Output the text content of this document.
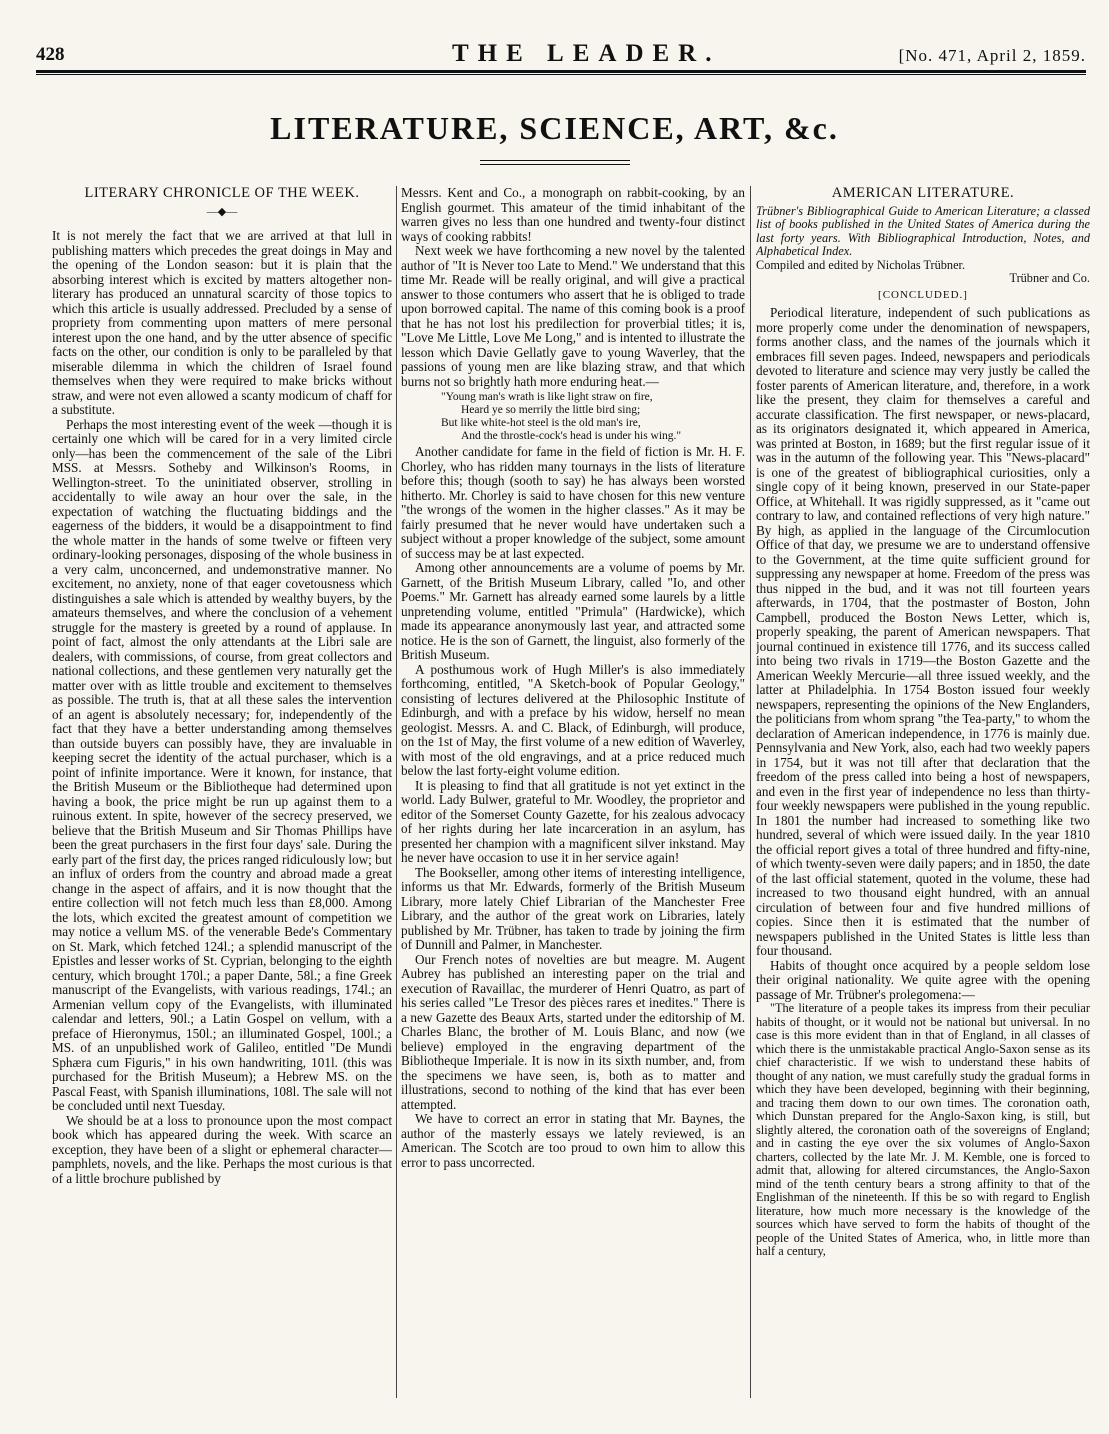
428	THE LEADER.	[No. 471, April 2, 1859.
LITERATURE, SCIENCE, ART, &c.
LITERARY CHRONICLE OF THE WEEK.
—◆—

It is not merely the fact that we are arrived at that lull in publishing matters which precedes the great doings in May and the opening of the London season: but it is plain that the absorbing interest which is excited by matters altogether non-literary has produced an unnatural scarcity of those topics to which this article is usually addressed. Precluded by a sense of propriety from commenting upon matters of mere personal interest upon the one hand, and by the utter absence of specific facts on the other, our condition is only to be paralleled by that miserable dilemma in which the children of Israel found themselves when they were required to make bricks without straw, and were not even allowed a scanty modicum of chaff for a substitute.

Perhaps the most interesting event of the week —though it is certainly one which will be cared for in a very limited circle only—has been the commencement of the sale of the Libri MSS. at Messrs. Sotheby and Wilkinson's Rooms, in Wellington-street. To the uninitiated observer, strolling in accidentally to wile away an hour over the sale, in the expectation of watching the fluctuating biddings and the eagerness of the bidders, it would be a disappointment to find the whole matter in the hands of some twelve or fifteen very ordinary-looking personages, disposing of the whole business in a very calm, unconcerned, and undemonstrative manner. No excitement, no anxiety, none of that eager covetousness which distinguishes a sale which is attended by wealthy buyers, by the amateurs themselves, and where the conclusion of a vehement struggle for the mastery is greeted by a round of applause. In point of fact, almost the only attendants at the Libri sale are dealers, with commissions, of course, from great collectors and national collections, and these gentlemen very naturally get the matter over with as little trouble and excitement to themselves as possible. The truth is, that at all these sales the intervention of an agent is absolutely necessary; for, independently of the fact that they have a better understanding among themselves than outside buyers can possibly have, they are invaluable in keeping secret the identity of the actual purchaser, which is a point of infinite importance. Were it known, for instance, that the British Museum or the Bibliotheque had determined upon having a book, the price might be run up against them to a ruinous extent. In spite, however of the secrecy preserved, we believe that the British Museum and Sir Thomas Phillips have been the great purchasers in the first four days' sale. During the early part of the first day, the prices ranged ridiculously low; but an influx of orders from the country and abroad made a great change in the aspect of affairs, and it is now thought that the entire collection will not fetch much less than £8,000. Among the lots, which excited the greatest amount of competition we may notice a vellum MS. of the venerable Bede's Commentary on St. Mark, which fetched 124l.; a splendid manuscript of the Epistles and lesser works of St. Cyprian, belonging to the eighth century, which brought 170l.; a paper Dante, 58l.; a fine Greek manuscript of the Evangelists, with various readings, 174l.; an Armenian vellum copy of the Evangelists, with illuminated calendar and letters, 90l.; a Latin Gospel on vellum, with a preface of Hieronymus, 150l.; an illuminated Gospel, 100l.; a MS. of an unpublished work of Galileo, entitled "De Mundi Sphæra cum Figuris," in his own handwriting, 101l. (this was purchased for the British Museum); a Hebrew MS. on the Pascal Feast, with Spanish illuminations, 108l. The sale will not be concluded until next Tuesday.

We should be at a loss to pronounce upon the most compact book which has appeared during the week. With scarce an exception, they have been of a slight or ephemeral character—pamphlets, novels, and the like. Perhaps the most curious is that of a little brochure published by

Messrs. Kent and Co., a monograph on rabbit-cooking, by an English gourmet. This amateur of the timid inhabitant of the warren gives no less than one hundred and twenty-four distinct ways of cooking rabbits!

Next week we have forthcoming a new novel by the talented author of "It is Never too Late to Mend." We understand that this time Mr. Reade will be really original, and will give a practical answer to those contumers who assert that he is obliged to trade upon borrowed capital. The name of this coming book is a proof that he has not lost his predilection for proverbial titles; it is, "Love Me Little, Love Me Long," and is intented to illustrate the lesson which Davie Gellatly gave to young Waverley, that the passions of young men are like blazing straw, and that which burns not so brightly hath more enduring heat.—

"Young man's wrath is like light straw on fire,
Heard ye so merrily the little bird sing;
But like white-hot steel is the old man's ire,
And the throstle-cock's head is under his wing."

Another candidate for fame in the field of fiction is Mr. H. F. Chorley, who has ridden many tournays in the lists of literature before this; though (sooth to say) he has always been worsted hitherto. Mr. Chorley is said to have chosen for this new venture "the wrongs of the women in the higher classes." As it may be fairly presumed that he never would have undertaken such a subject without a proper knowledge of the subject, some amount of success may be at last expected.

Among other announcements are a volume of poems by Mr. Garnett, of the British Museum Library, called "Io, and other Poems." Mr. Garnett has already earned some laurels by a little unpretending volume, entitled "Primula" (Hardwicke), which made its appearance anonymously last year, and attracted some notice. He is the son of Garnett, the linguist, also formerly of the British Museum.

A posthumous work of Hugh Miller's is also immediately forthcoming, entitled, "A Sketch-book of Popular Geology," consisting of lectures delivered at the Philosophic Institute of Edinburgh, and with a preface by his widow, herself no mean geologist. Messrs. A. and C. Black, of Edinburgh, will produce, on the 1st of May, the first volume of a new edition of Waverley, with most of the old engravings, and at a price reduced much below the last forty-eight volume edition.

It is pleasing to find that all gratitude is not yet extinct in the world. Lady Bulwer, grateful to Mr. Woodley, the proprietor and editor of the Somerset County Gazette, for his zealous advocacy of her rights during her late incarceration in an asylum, has presented her champion with a magnificent silver inkstand. May he never have occasion to use it in her service again!

The Bookseller, among other items of interesting intelligence, informs us that Mr. Edwards, formerly of the British Museum Library, more lately Chief Librarian of the Manchester Free Library, and the author of the great work on Libraries, lately published by Mr. Trübner, has taken to trade by joining the firm of Dunnill and Palmer, in Manchester.

Our French notes of novelties are but meagre. M. Augent Aubrey has published an interesting paper on the trial and execution of Ravaillac, the murderer of Henri Quatro, as part of his series called "Le Tresor des pièces rares et inedites." There is a new Gazette des Beaux Arts, started under the editorship of M. Charles Blanc, the brother of M. Louis Blanc, and now (we believe) employed in the engraving department of the Bibliotheque Imperiale. It is now in its sixth number, and, from the specimens we have seen, is, both as to matter and illustrations, second to nothing of the kind that has ever been attempted.

We have to correct an error in stating that Mr. Baynes, the author of the masterly essays we lately reviewed, is an American. The Scotch are too proud to own him to allow this error to pass uncorrected.

AMERICAN LITERATURE.

Trübner's Bibliographical Guide to American Literature; a classed list of books published in the United States of America during the last forty years. With Bibliographical Introduction, Notes, and Alphabetical Index.

Compiled and edited by Nicholas Trübner.

Trübner and Co.
[CONCLUDED.]

Periodical literature, independent of such publications as more properly come under the denomination of newspapers, forms another class, and the names of the journals which it embraces fill seven pages. Indeed, newspapers and periodicals devoted to literature and science may very justly be called the foster parents of American literature, and, therefore, in a work like the present, they claim for themselves a careful and accurate classification. The first newspaper, or news-placard, as its originators designated it, which appeared in America, was printed at Boston, in 1689; but the first regular issue of it was in the autumn of the following year. This "News-placard" is one of the greatest of bibliographical curiosities, only a single copy of it being known, preserved in our State-paper Office, at Whitehall. It was rigidly suppressed, as it "came out contrary to law, and contained reflections of very high nature." By high, as applied in the language of the Circumlocution Office of that day, we presume we are to understand offensive to the Government, at the time quite sufficient ground for suppressing any newspaper at home. Freedom of the press was thus nipped in the bud, and it was not till fourteen years afterwards, in 1704, that the postmaster of Boston, John Campbell, produced the Boston News Letter, which is, properly speaking, the parent of American newspapers. That journal continued in existence till 1776, and its success called into being two rivals in 1719—the Boston Gazette and the American Weekly Mercurie—all three issued weekly, and the latter at Philadelphia. In 1754 Boston issued four weekly newspapers, representing the opinions of the New Englanders, the politicians from whom sprang "the Tea-party," to whom the declaration of American independence, in 1776 is mainly due. Pennsylvania and New York, also, each had two weekly papers in 1754, but it was not till after that declaration that the freedom of the press called into being a host of newspapers, and even in the first year of independence no less than thirty-four weekly newspapers were published in the young republic. In 1801 the number had increased to something like two hundred, several of which were issued daily. In the year 1810 the official report gives a total of three hundred and fifty-nine, of which twenty-seven were daily papers; and in 1850, the date of the last official statement, quoted in the volume, these had increased to two thousand eight hundred, with an annual circulation of between four and five hundred millions of copies. Since then it is estimated that the number of newspapers published in the United States is little less than four thousand.

Habits of thought once acquired by a people seldom lose their original nationality. We quite agree with the opening passage of Mr. Trübner's prolegomena:—

"The literature of a people takes its impress from their peculiar habits of thought, or it would not be national but universal. In no case is this more evident than in that of England, in all classes of which there is the unmistakable practical Anglo-Saxon sense as its chief characteristic. If we wish to understand these habits of thought of any nation, we must carefully study the gradual forms in which they have been developed, beginning with their beginning, and tracing them down to our own times. The coronation oath, which Dunstan prepared for the Anglo-Saxon king, is still, but slightly altered, the coronation oath of the sovereigns of England; and in casting the eye over the six volumes of Anglo-Saxon charters, collected by the late Mr. J. M. Kemble, one is forced to admit that, allowing for altered circumstances, the Anglo-Saxon mind of the tenth century bears a strong affinity to that of the Englishman of the nineteenth. If this be so with regard to English literature, how much more necessary is the knowledge of the sources which have served to form the habits of thought of the people of the United States of America, who, in little more than half a century,
